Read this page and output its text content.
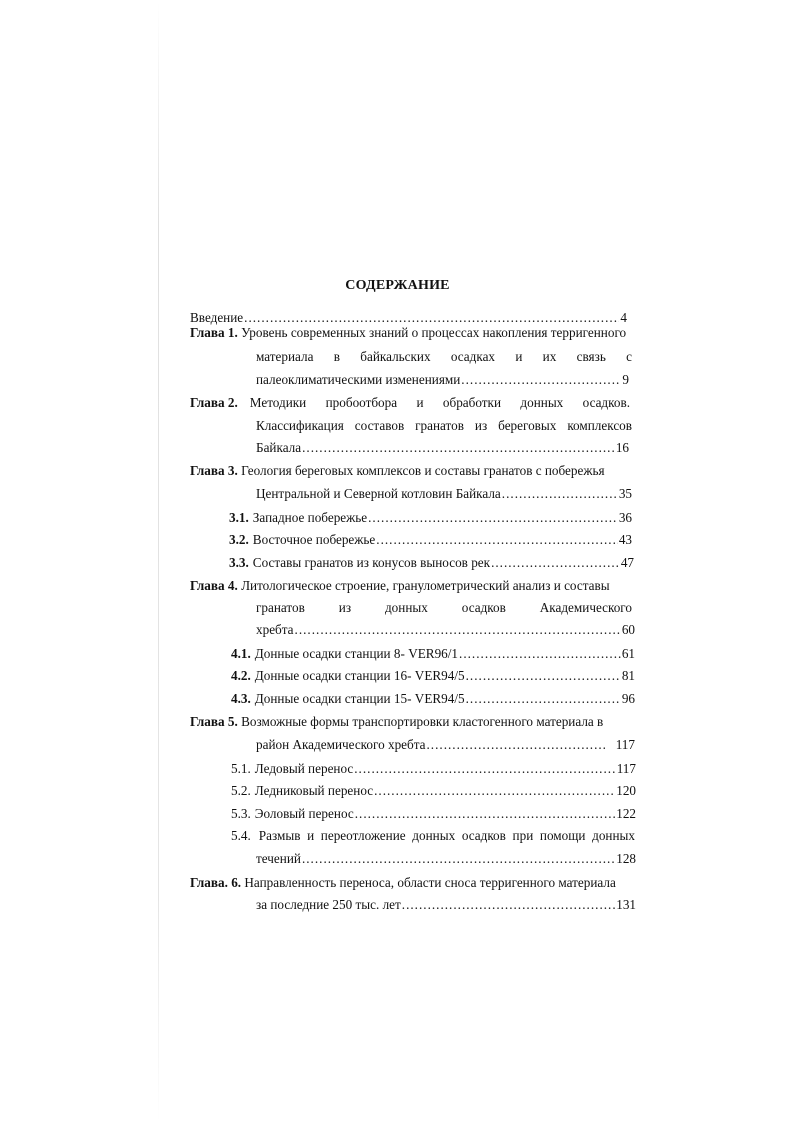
СОДЕРЖАНИЕ
Введение .....	4
Глава 1. Уровень современных знаний о процессах накопления терригенного
материала в байкальских осадках и их связь с
палеоклиматическими изменениями .....	9
Глава 2. Методики пробоотбора и обработки донных осадков.
Классификация составов гранатов из береговых комплексов
Байкала .....	16
Глава 3. Геология береговых комплексов и составы гранатов с побережья
Центральной и Северной котловин Байкала .....	35
3.1. Западное побережье .....	36
3.2. Восточное побережье .....	43
3.3. Составы гранатов из конусов выносов рек .....	47
Глава 4. Литологическое строение, гранулометрический анализ и составы
гранатов из донных осадков Академического
хребта .....	60
4.1. Донные осадки станции 8- VER96/1 .....	61
4.2. Донные осадки станции 16- VER94/5 .....	81
4.3. Донные осадки станции 15- VER94/5 .....	96
Глава 5. Возможные формы транспортировки кластогенного материала в
район Академического хребта .....	117
5.1. Ледовый перенос .....	117
5.2. Ледниковый перенос .....	120
5.3. Эоловый перенос .....	122
5.4. Размыв и переотложение донных осадков при помощи донных
течений .....	128
Глава. 6. Направленность переноса, области сноса терригенного материала
за последние 250 тыс. лет .....	131
